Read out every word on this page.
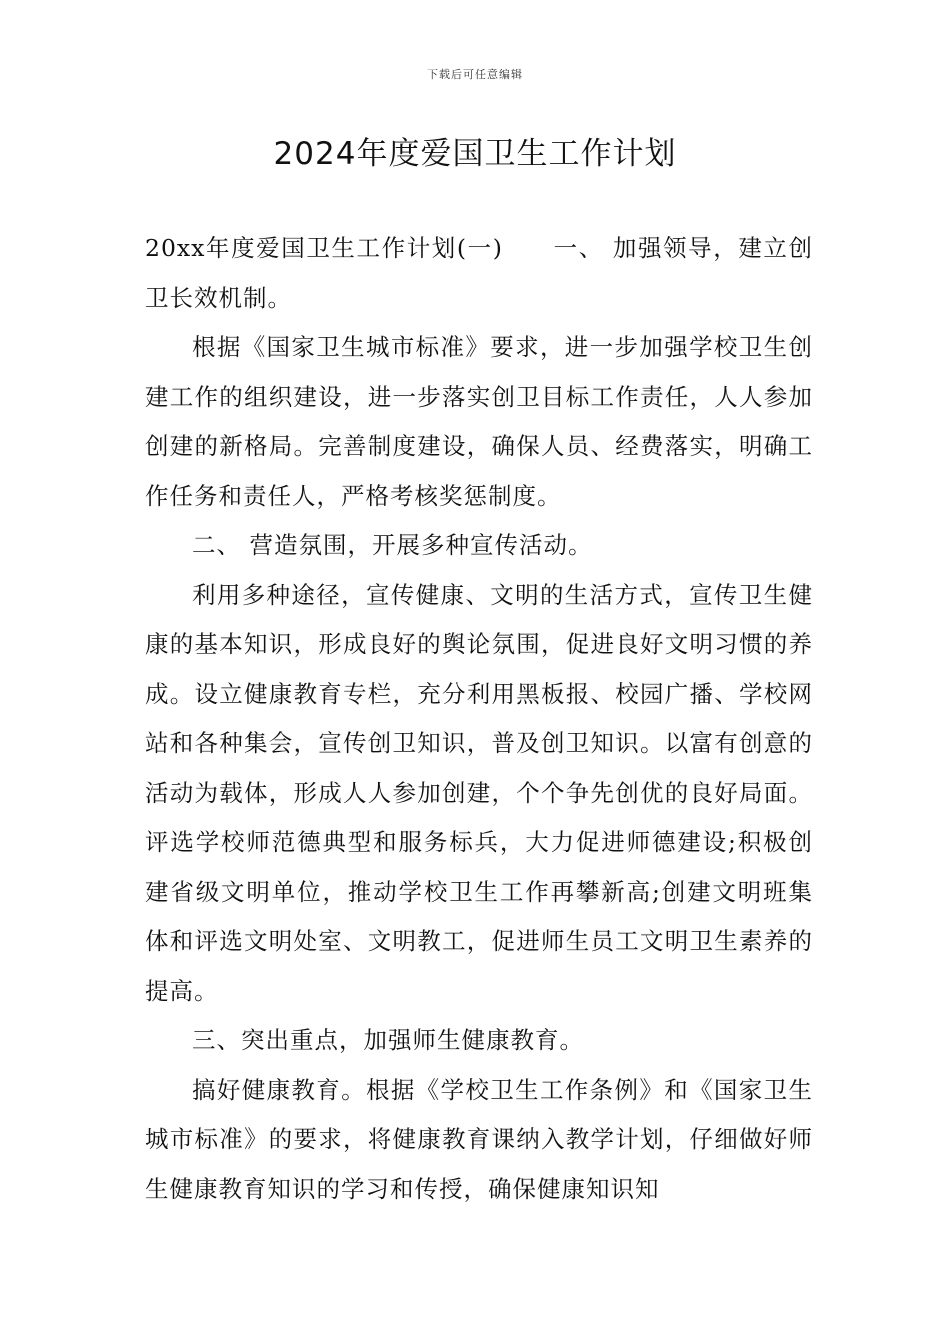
下载后可任意编辑
2024年度爱国卫生工作计划

20xx年度爱国卫生工作计划(一)　　一、 加强领导，建立创卫长效机制。

根据《国家卫生城市标准》要求，进一步加强学校卫生创建工作的组织建设，进一步落实创卫目标工作责任，人人参加创建的新格局。完善制度建设，确保人员、经费落实，明确工作任务和责任人，严格考核奖惩制度。

二、 营造氛围，开展多种宣传活动。

利用多种途径，宣传健康、文明的生活方式，宣传卫生健康的基本知识，形成良好的舆论氛围，促进良好文明习惯的养成。设立健康教育专栏，充分利用黑板报、校园广播、学校网站和各种集会，宣传创卫知识，普及创卫知识。以富有创意的活动为载体，形成人人参加创建，个个争先创优的良好局面。评选学校师范德典型和服务标兵，大力促进师德建设;积极创建省级文明单位，推动学校卫生工作再攀新高;创建文明班集体和评选文明处室、文明教工，促进师生员工文明卫生素养的提高。

三、突出重点，加强师生健康教育。

搞好健康教育。根据《学校卫生工作条例》和《国家卫生城市标准》的要求，将健康教育课纳入教学计划，仔细做好师生健康教育知识的学习和传授，确保健康知识知
